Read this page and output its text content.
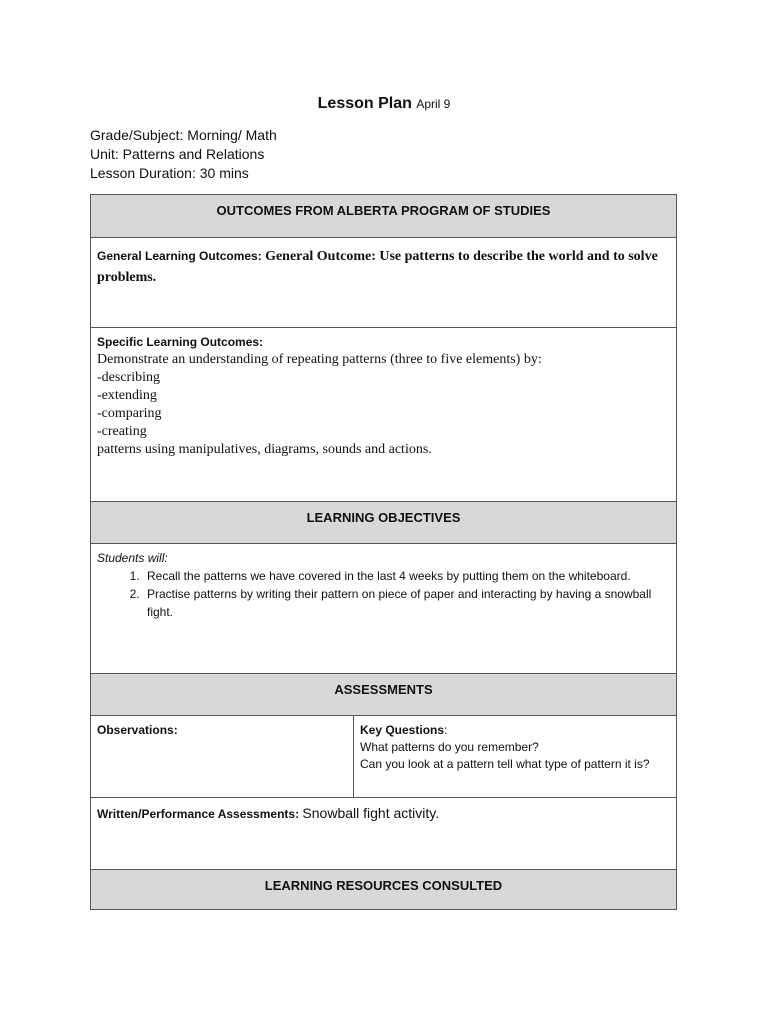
Lesson Plan April 9
Grade/Subject: Morning/ Math
Unit: Patterns and Relations
Lesson Duration: 30 mins
OUTCOMES FROM ALBERTA PROGRAM OF STUDIES
General Learning Outcomes: General Outcome: Use patterns to describe the world and to solve problems.
Specific Learning Outcomes:
Demonstrate an understanding of repeating patterns (three to five elements) by:
-describing
-extending
-comparing
-creating
patterns using manipulatives, diagrams, sounds and actions.
LEARNING OBJECTIVES
Students will:
1. Recall the patterns we have covered in the last 4 weeks by putting them on the whiteboard.
2. Practise patterns by writing their pattern on piece of paper and interacting by having a snowball fight.
ASSESSMENTS
Observations:	Key Questions:
What patterns do you remember?
Can you look at a pattern tell what type of pattern it is?
Written/Performance Assessments: Snowball fight activity.
LEARNING RESOURCES CONSULTED
